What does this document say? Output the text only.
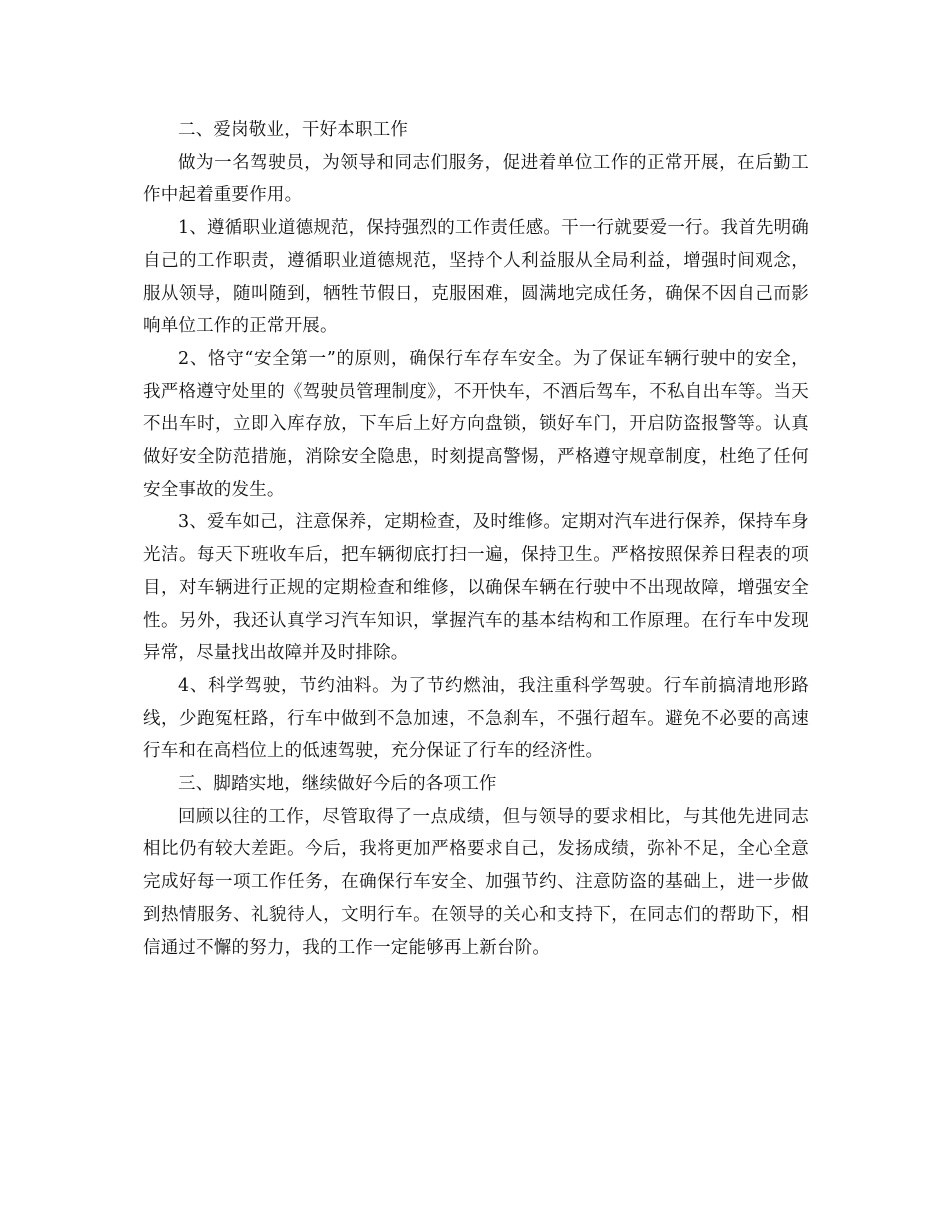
二、爱岗敬业，干好本职工作

做为一名驾驶员，为领导和同志们服务，促进着单位工作的正常开展，在后勤工作中起着重要作用。

1、遵循职业道德规范，保持强烈的工作责任感。干一行就要爱一行。我首先明确自己的工作职责，遵循职业道德规范，坚持个人利益服从全局利益，增强时间观念，服从领导，随叫随到，牺牲节假日，克服困难，圆满地完成任务，确保不因自己而影响单位工作的正常开展。

2、恪守“安全第一”的原则，确保行车存车安全。为了保证车辆行驶中的安全，我严格遵守处里的《驾驶员管理制度》，不开快车，不酒后驾车，不私自出车等。当天不出车时，立即入库存放，下车后上好方向盘锁，锁好车门，开启防盗报警等。认真做好安全防范措施，消除安全隐患，时刻提高警惕，严格遵守规章制度，杜绝了任何安全事故的发生。

3、爱车如己，注意保养，定期检查，及时维修。定期对汽车进行保养，保持车身光洁。每天下班收车后，把车辆彻底打扫一遍，保持卫生。严格按照保养日程表的项目，对车辆进行正规的定期检查和维修，以确保车辆在行驶中不出现故障，增强安全性。另外，我还认真学习汽车知识，掌握汽车的基本结构和工作原理。在行车中发现异常，尽量找出故障并及时排除。

4、科学驾驶，节约油料。为了节约燃油，我注重科学驾驶。行车前搞清地形路线，少跑冤枉路，行车中做到不急加速，不急刹车，不强行超车。避免不必要的高速行车和在高档位上的低速驾驶，充分保证了行车的经济性。

三、脚踏实地，继续做好今后的各项工作

回顾以往的工作，尽管取得了一点成绩，但与领导的要求相比，与其他先进同志相比仍有较大差距。今后，我将更加严格要求自己，发扬成绩，弥补不足，全心全意完成好每一项工作任务，在确保行车安全、加强节约、注意防盗的基础上，进一步做到热情服务、礼貌待人，文明行车。在领导的关心和支持下，在同志们的帮助下，相信通过不懈的努力，我的工作一定能够再上新台阶。
